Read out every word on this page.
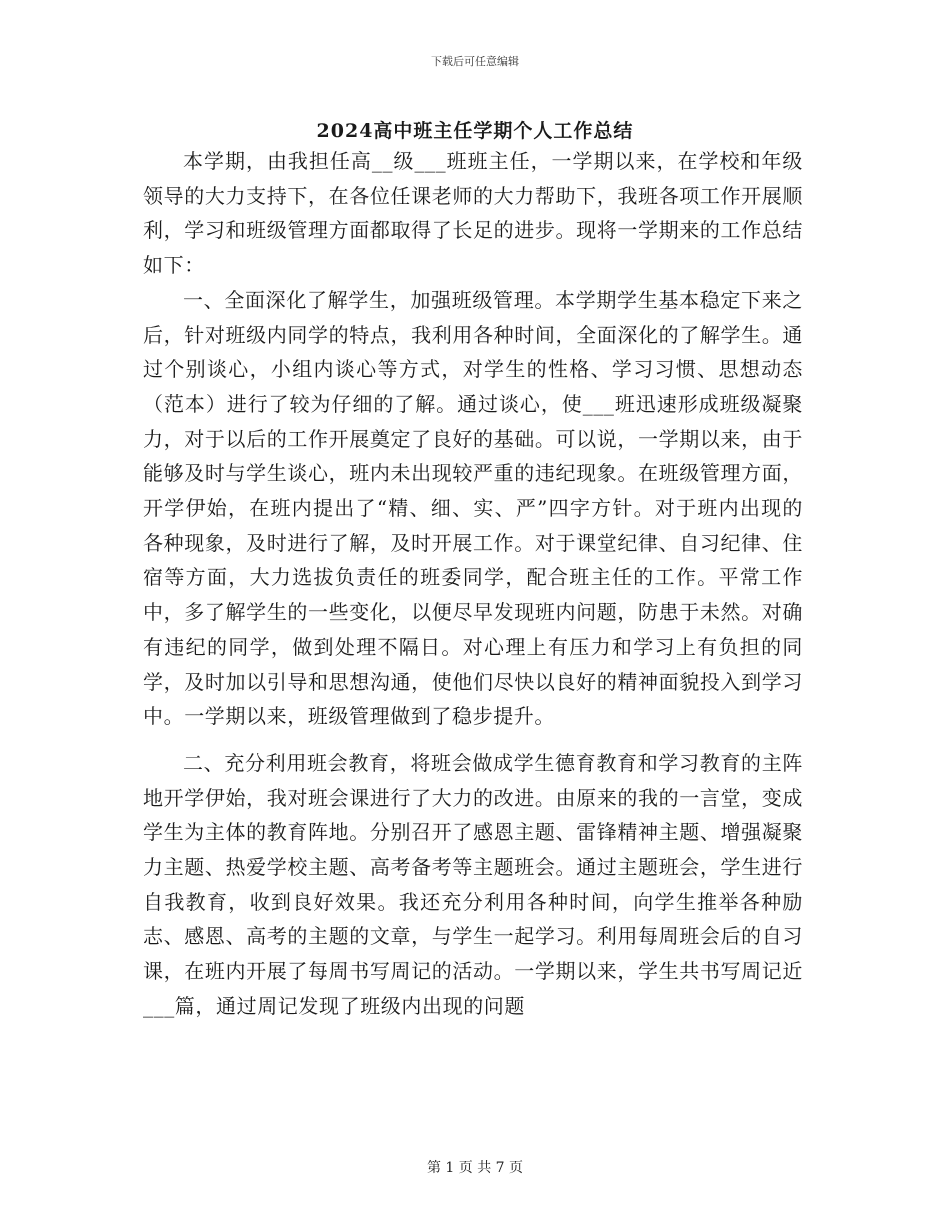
下载后可任意编辑
2024高中班主任学期个人工作总结

本学期，由我担任高__级___班班主任，一学期以来，在学校和年级领导的大力支持下，在各位任课老师的大力帮助下，我班各项工作开展顺利，学习和班级管理方面都取得了长足的进步。现将一学期来的工作总结如下：

一、全面深化了解学生，加强班级管理。本学期学生基本稳定下来之后，针对班级内同学的特点，我利用各种时间，全面深化的了解学生。通过个别谈心，小组内谈心等方式，对学生的性格、学习习惯、思想动态（范本）进行了较为仔细的了解。通过谈心，使___班迅速形成班级凝聚力，对于以后的工作开展奠定了良好的基础。可以说，一学期以来，由于能够及时与学生谈心，班内未出现较严重的违纪现象。在班级管理方面，开学伊始，在班内提出了“精、细、实、严”四字方针。对于班内出现的各种现象，及时进行了解，及时开展工作。对于课堂纪律、自习纪律、住宿等方面，大力选拔负责任的班委同学，配合班主任的工作。平常工作中，多了解学生的一些变化，以便尽早发现班内问题，防患于未然。对确有违纪的同学，做到处理不隔日。对心理上有压力和学习上有负担的同学，及时加以引导和思想沟通，使他们尽快以良好的精神面貌投入到学习中。一学期以来，班级管理做到了稳步提升。

二、充分利用班会教育，将班会做成学生德育教育和学习教育的主阵地开学伊始，我对班会课进行了大力的改进。由原来的我的一言堂，变成学生为主体的教育阵地。分别召开了感恩主题、雷锋精神主题、增强凝聚力主题、热爱学校主题、高考备考等主题班会。通过主题班会，学生进行自我教育，收到良好效果。我还充分利用各种时间，向学生推举各种励志、感恩、高考的主题的文章，与学生一起学习。利用每周班会后的自习课，在班内开展了每周书写周记的活动。一学期以来，学生共书写周记近___篇，通过周记发现了班级内出现的问题

第 1 页 共 7 页
